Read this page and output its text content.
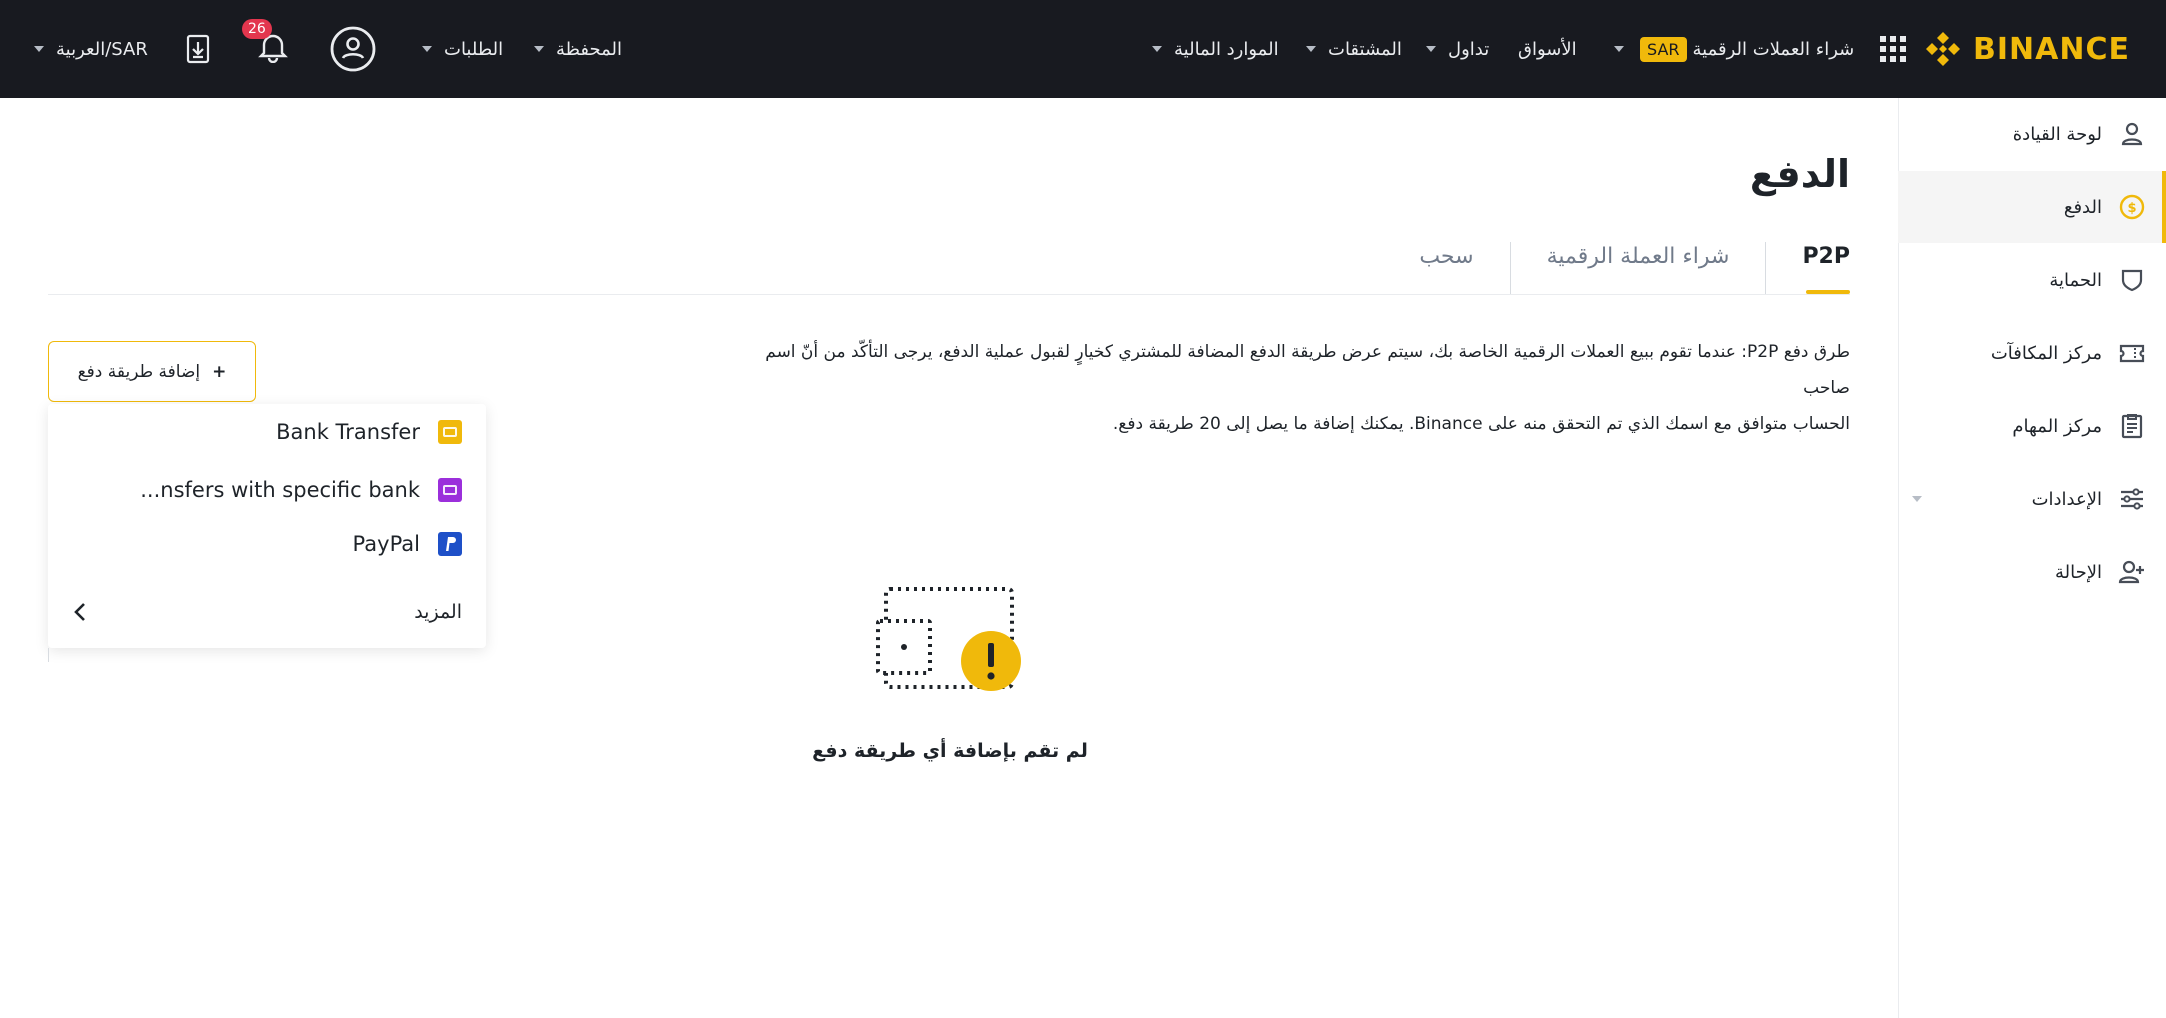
العربية/SAR
26
الطلبات	المحفظة	الموارد المالية	المشتقات	تداول الأسواق	SAR شراء العملات الرقمية	BINANCE
لوحة القيادة
الدفع $
الحماية
مركز المكافآت
مركز المهام
الإعدادات
الإحالة
الدفع
P2P
شراء العملة الرقمية
سحب
طرق دفع P2P: عندما تقوم ببيع العملات الرقمية الخاصة بك، سيتم عرض طريقة الدفع المضافة للمشتري كخيارٍ لقبول عملية الدفع، يرجى التأكّد من أنّ اسم صاحب
الحساب متوافق مع اسمك الذي تم التحقق منه على Binance. يمكنك إضافة ما يصل إلى 20 طريقة دفع.
إضافة طريقة دفع +
Bank Transfer
...nsfers with specific bank
PayPal
المزيد
لم تقم بإضافة أي طريقة دفع
